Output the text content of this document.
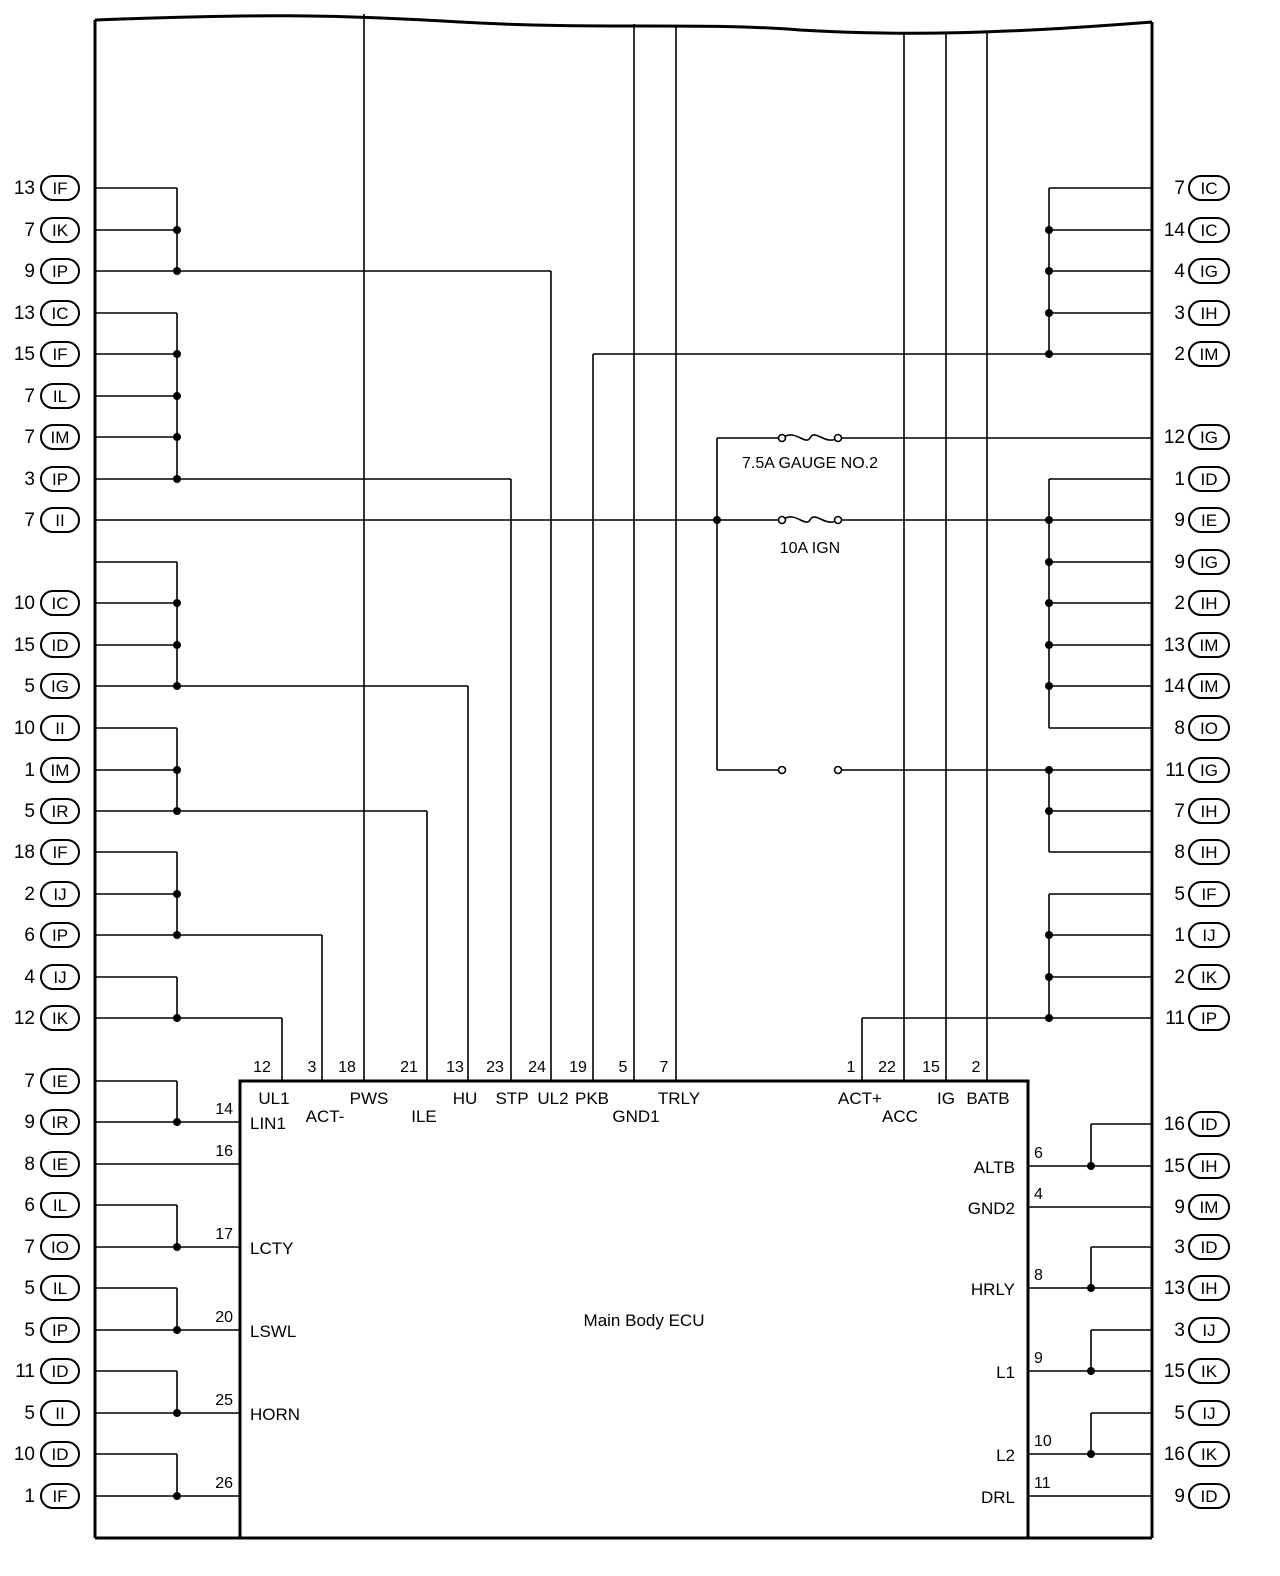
Main Body ECU
7.5A GAUGE NO.2
10A IGN
13 IF
7 IK
9 IP
13 IC
15 IF
7 IL
7 IM
3 IP
7 II
10 IC
15 ID
5 IG
10 II
1 IM
5 IR
18 IF
2 IJ
6 IP
4 IJ
12 IK
7 IE
9 IR
8 IE
6 IL
7 IO
5 IL
5 IP
11 ID
5 II
10 ID
1 IF
7 IC
14 IC
4 IG
3 IH
2 IM
12 IG
1 ID
9 IE
9 IG
2 IH
13 IM
14 IM
8 IO
11 IG
7 IH
8 IH
5 IF
1 IJ
2 IK
11 IP
16 ID
15 IH
9 IM
3 ID
13 IH
3 IJ
15 IK
5 IJ
16 IK
9 ID
12
UL1
3
ACT-
18
PWS
21
ILE
13
HU
23
STP
24
UL2
19
PKB
5
GND1
7
TRLY
1
ACT+
22
ACC
15
IG
2
BATB
14
LIN1
16
17
LCTY
20
LSWL
25
HORN
26
6
ALTB
4
GND2
8
HRLY
9
L1
10
L2
11
DRL
